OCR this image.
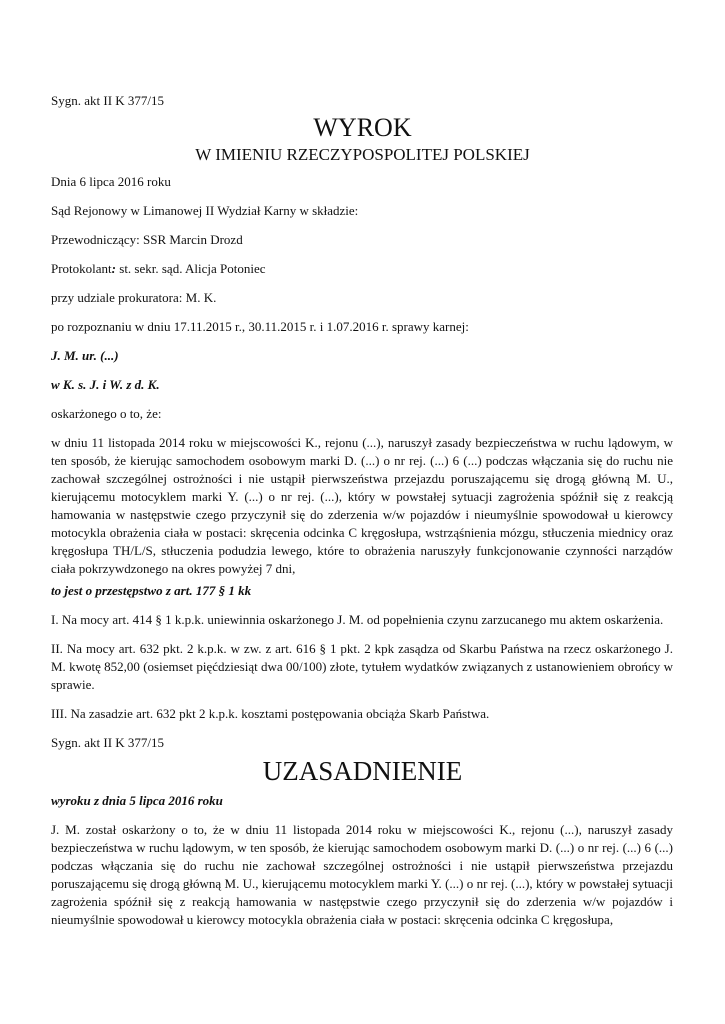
Sygn. akt II K 377/15

WYROK
W IMIENIU RZECZYPOSPOLITEJ POLSKIEJ

Dnia 6 lipca 2016 roku

Sąd Rejonowy w Limanowej II Wydział Karny w składzie:

Przewodniczący: SSR Marcin Drozd

Protokolant: st. sekr. sąd. Alicja Potoniec

przy udziale prokuratora: M. K.

po rozpoznaniu w dniu 17.11.2015 r., 30.11.2015 r. i 1.07.2016 r. sprawy karnej:

J. M. ur. (...)

w K. s. J. i W. z d. K.

oskarżonego o to, że:

w dniu 11 listopada 2014 roku w miejscowości K., rejonu (...), naruszył zasady bezpieczeństwa w ruchu lądowym, w ten sposób, że kierując samochodem osobowym marki D. (...) o nr rej. (...) 6 (...) podczas włączania się do ruchu nie zachował szczególnej ostrożności i nie ustąpił pierwszeństwa przejazdu poruszającemu się drogą główną M. U., kierującemu motocyklem marki Y. (...) o nr rej. (...), który w powstałej sytuacji zagrożenia spóźnił się z reakcją hamowania w następstwie czego przyczynił się do zderzenia w/w pojazdów i nieumyślnie spowodował u kierowcy motocykla obrażenia ciała w postaci: skręcenia odcinka C kręgosłupa, wstrząśnienia mózgu, stłuczenia miednicy oraz kręgosłupa TH/L/S, stłuczenia podudzia lewego, które to obrażenia naruszyły funkcjonowanie czynności narządów ciała pokrzywdzonego na okres powyżej 7 dni,

to jest o przestępstwo z art. 177 § 1 kk

I. Na mocy art. 414 § 1 k.p.k. uniewinnia oskarżonego J. M. od popełnienia czynu zarzucanego mu aktem oskarżenia.

II. Na mocy art. 632 pkt. 2 k.p.k. w zw. z art. 616 § 1 pkt. 2 kpk zasądza od Skarbu Państwa na rzecz oskarżonego J. M. kwotę 852,00 (osiemset pięćdziesiąt dwa 00/100) złote, tytułem wydatków związanych z ustanowieniem obrońcy w sprawie.

III. Na zasadzie art. 632 pkt 2 k.p.k. kosztami postępowania obciąża Skarb Państwa.

Sygn. akt II K 377/15

UZASADNIENIE

wyroku z dnia 5 lipca 2016 roku

J. M. został oskarżony o to, że w dniu 11 listopada 2014 roku w miejscowości K., rejonu (...), naruszył zasady bezpieczeństwa w ruchu lądowym, w ten sposób, że kierując samochodem osobowym marki D. (...) o nr rej. (...) 6 (...) podczas włączania się do ruchu nie zachował szczególnej ostrożności i nie ustąpił pierwszeństwa przejazdu poruszającemu się drogą główną M. U., kierującemu motocyklem marki Y. (...) o nr rej. (...), który w powstałej sytuacji zagrożenia spóźnił się z reakcją hamowania w następstwie czego przyczynił się do zderzenia w/w pojazdów i nieumyślnie spowodował u kierowcy motocykla obrażenia ciała w postaci: skręcenia odcinka C kręgosłupa,
